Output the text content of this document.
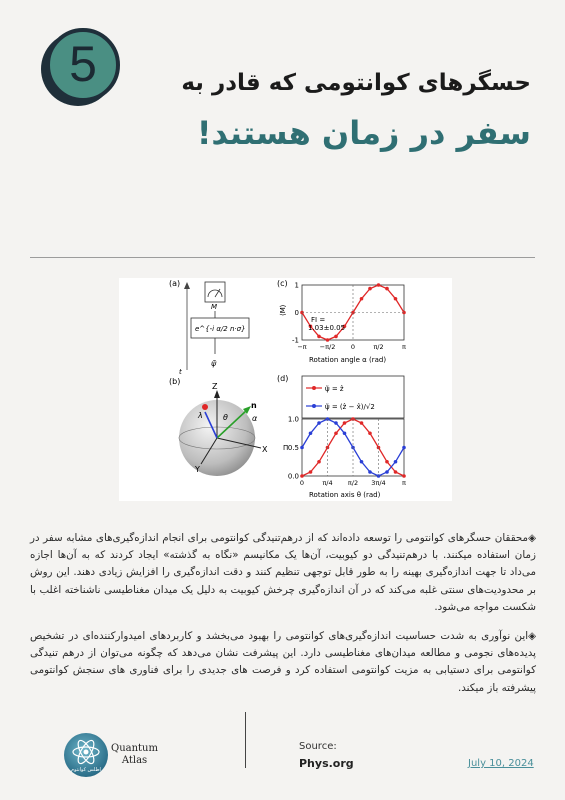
5	حسگرهای کوانتومی که قادر به
سفر در زمان هستند!
(a)
t
M
e^{-i α/2 n·σ}
ψ̃
(b)
Z
X
Y
n
α
λ	θ
(c)
FI =
1.03±0.05
⟨M⟩
1
0
-1
−π −π/2 0	π/2	π
Rotation angle α (rad)
(d)
ψ̃ = ẑ
ψ̃ = (ẑ − x̂)/√2
Π
1.0
0.5
0.0
0	π/4 π/2 3π/4	π
Rotation axis θ (rad)
◈محققان حسگرهای کوانتومی را توسعه داده‌اند که از درهم‌تنیدگی کوانتومی برای انجام اندازه‌گیری‌های مشابه سفر در زمان استفاده میکنند. با درهم‌تنیدگی دو کیوبیت، آن‌ها یک مکانیسم «نگاه به گذشته» ایجاد کردند که به آن‌ها اجازه می‌داد تا جهت اندازه‌گیری بهینه را به طور قابل توجهی تنظیم کنند و دقت اندازه‌گیری را افزایش زیادی دهند. این روش بر محدودیت‌های سنتی غلبه می‌کند که در آن اندازه‌گیری چرخش کیوبیت به دلیل یک میدان مغناطیسی ناشناخته اغلب با شکست مواجه می‌شود.
◈این نوآوری به شدت حساسیت اندازه‌گیری‌های کوانتومی را بهبود می‌بخشد و کاربردهای امیدوارکننده‌ای در تشخیص پدیده‌های نجومی و مطالعه میدان‌های مغناطیسی دارد. این پیشرفت نشان می‌دهد که چگونه می‌توان از درهم تنیدگی کوانتومی برای دستیابی به مزیت کوانتومی استفاده کرد و فرصت های جدیدی را برای فناوری های سنجش کوانتومی پیشرفته باز میکند.
اطلس کوانتوم
Quantum
Atlas
Source:
Phys.org	July 10, 2024
